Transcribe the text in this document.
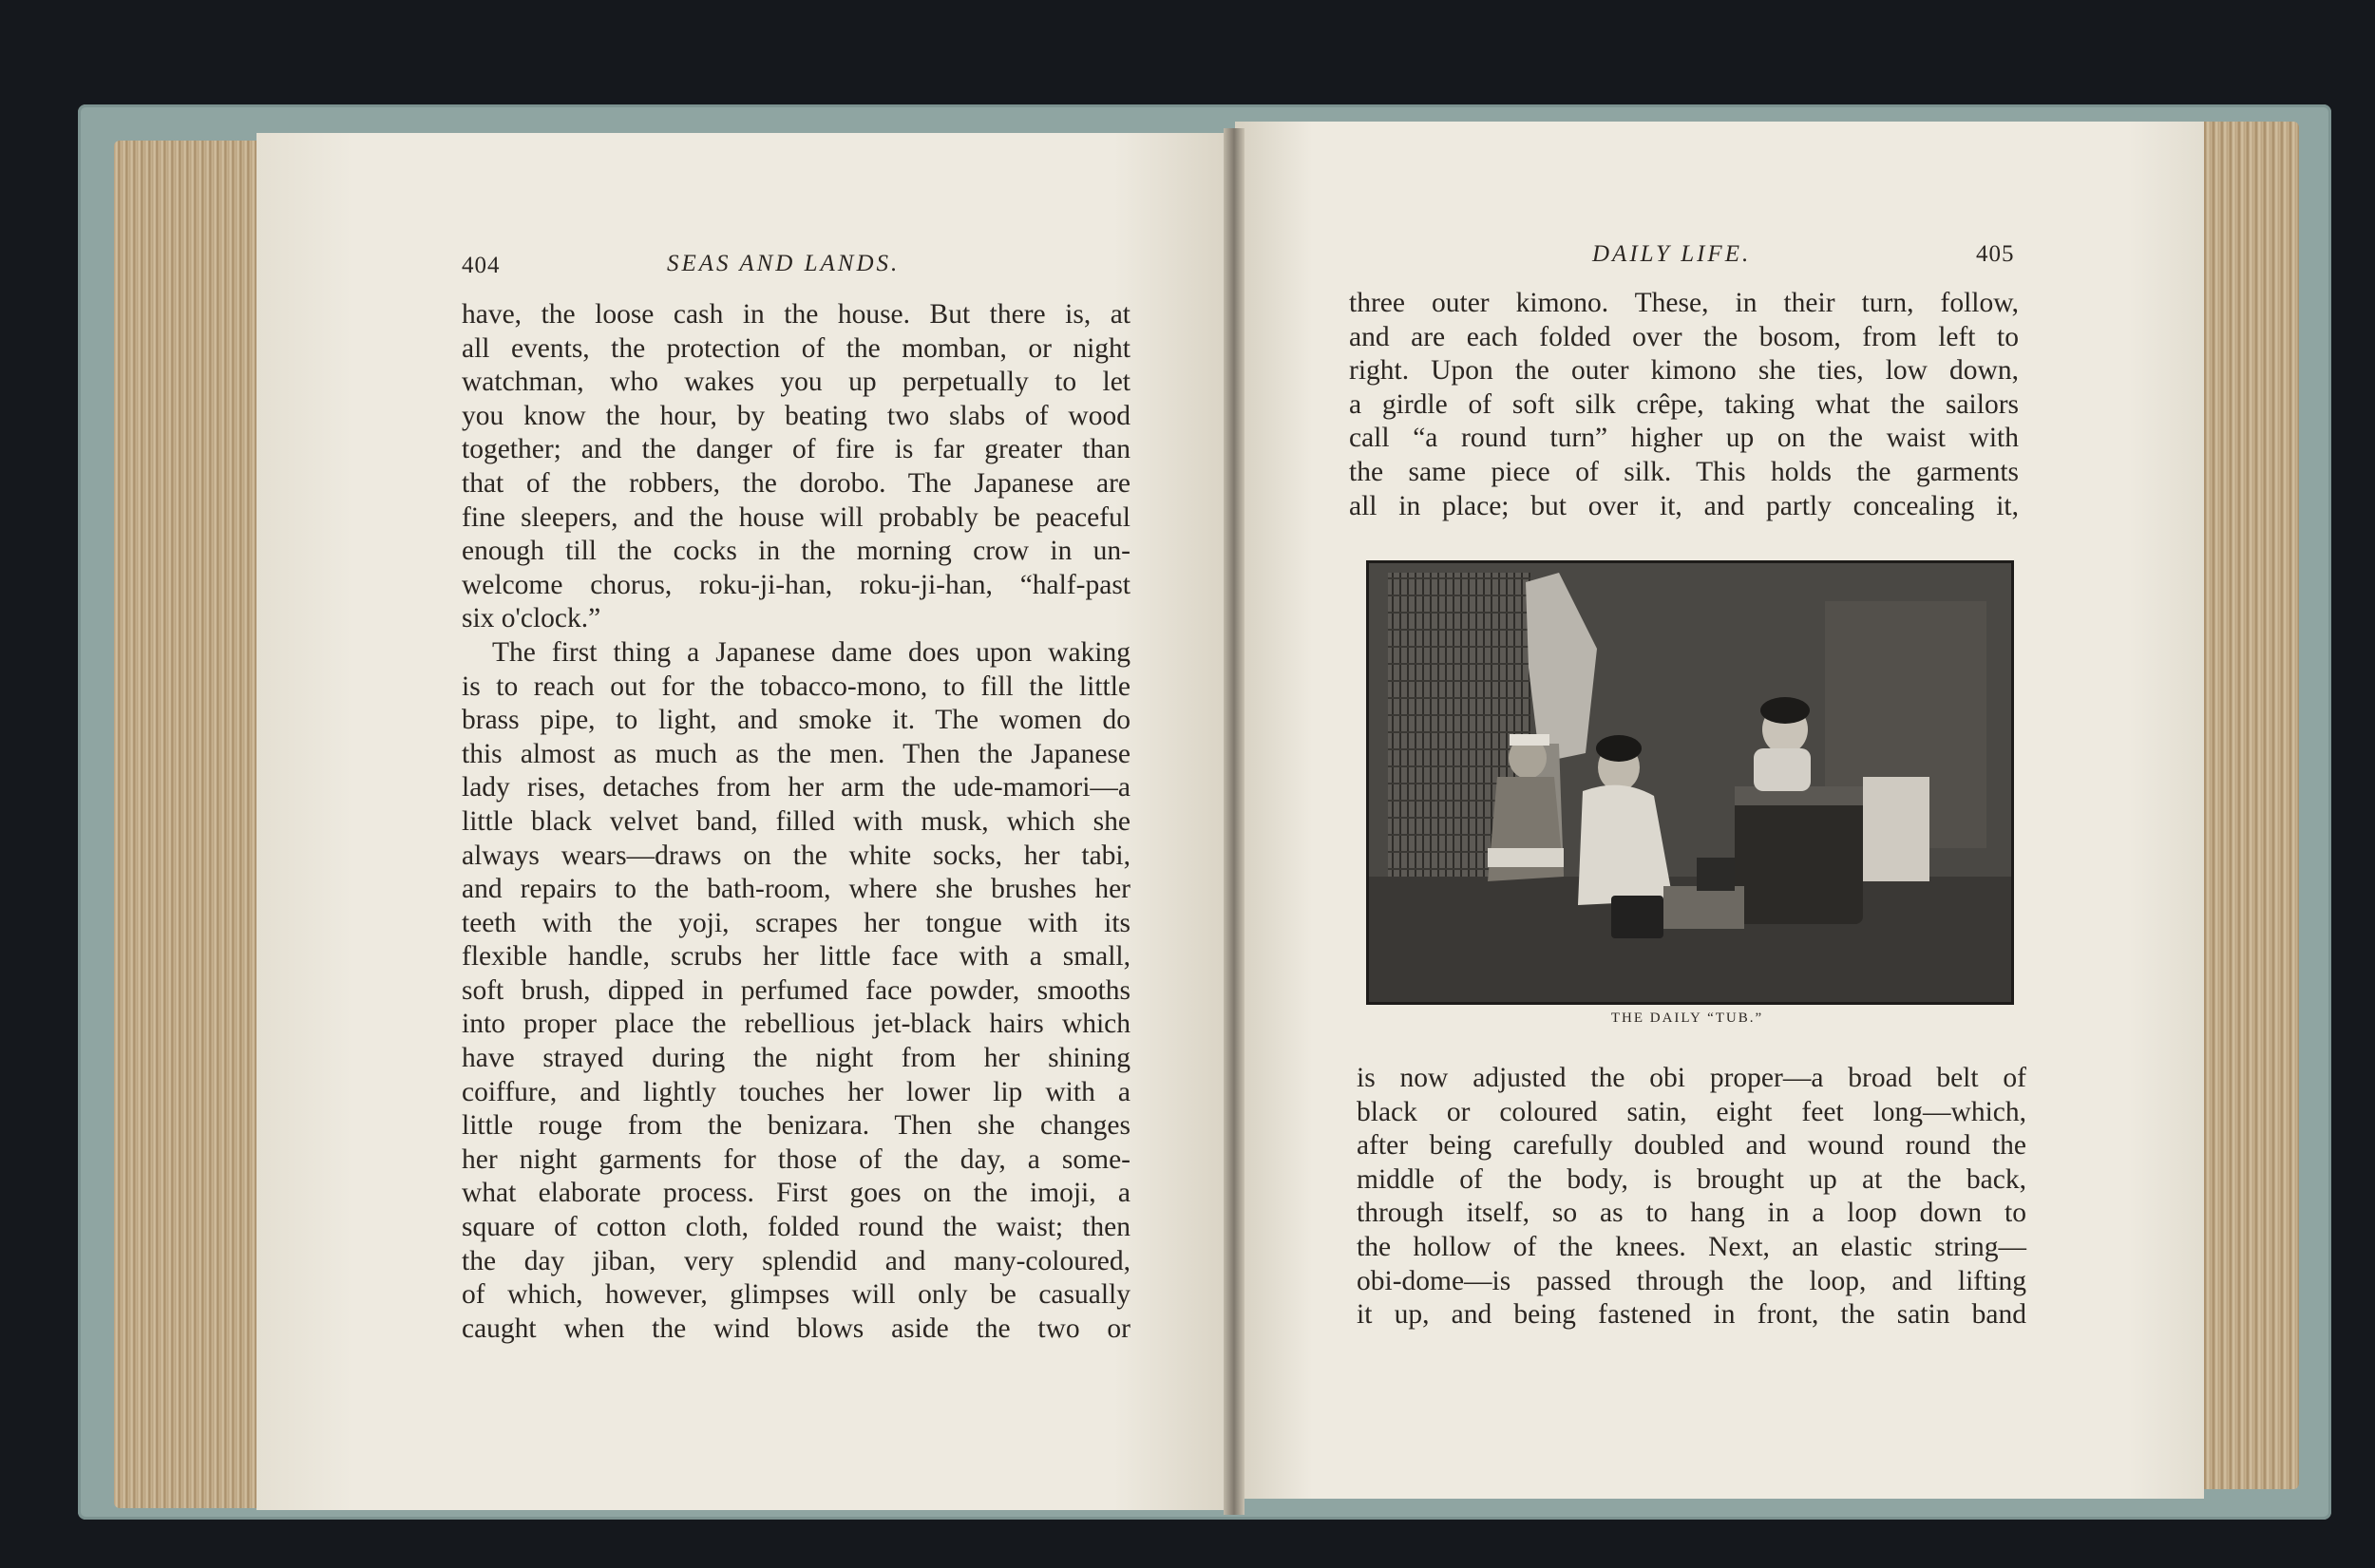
404	SEAS AND LANDS.	DAILY LIFE.	405
have, the loose cash in the house. But there is, at
all events, the protection of the momban, or night
watchman, who wakes you up perpetually to let
you know the hour, by beating two slabs of wood
together; and the danger of fire is far greater than
that of the robbers, the dorobo. The Japanese are
fine sleepers, and the house will probably be peaceful
enough till the cocks in the morning crow in un-
welcome chorus, roku-ji-han, roku-ji-han, “half-past
six o'clock.”
The first thing a Japanese dame does upon waking
is to reach out for the tobacco-mono, to fill the little
brass pipe, to light, and smoke it. The women do
this almost as much as the men. Then the Japanese
lady rises, detaches from her arm the ude-mamori—a
little black velvet band, filled with musk, which she
always wears—draws on the white socks, her tabi,
and repairs to the bath-room, where she brushes her
teeth with the yoji, scrapes her tongue with its
flexible handle, scrubs her little face with a small,
soft brush, dipped in perfumed face powder, smooths
into proper place the rebellious jet-black hairs which
have strayed during the night from her shining
coiffure, and lightly touches her lower lip with a
little rouge from the benizara. Then she changes
her night garments for those of the day, a some-
what elaborate process. First goes on the imoji, a
square of cotton cloth, folded round the waist; then
the day jiban, very splendid and many-coloured,
of which, however, glimpses will only be casually
caught when the wind blows aside the two or
three outer kimono. These, in their turn, follow,
and are each folded over the bosom, from left to
right. Upon the outer kimono she ties, low down,
a girdle of soft silk crêpe, taking what the sailors
call “a round turn” higher up on the waist with
the same piece of silk. This holds the garments
all in place; but over it, and partly concealing it,
THE DAILY “TUB.”
is now adjusted the obi proper—a broad belt of
black or coloured satin, eight feet long—which,
after being carefully doubled and wound round the
middle of the body, is brought up at the back,
through itself, so as to hang in a loop down to
the hollow of the knees. Next, an elastic string—
obi-dome—is passed through the loop, and lifting
it up, and being fastened in front, the satin band
